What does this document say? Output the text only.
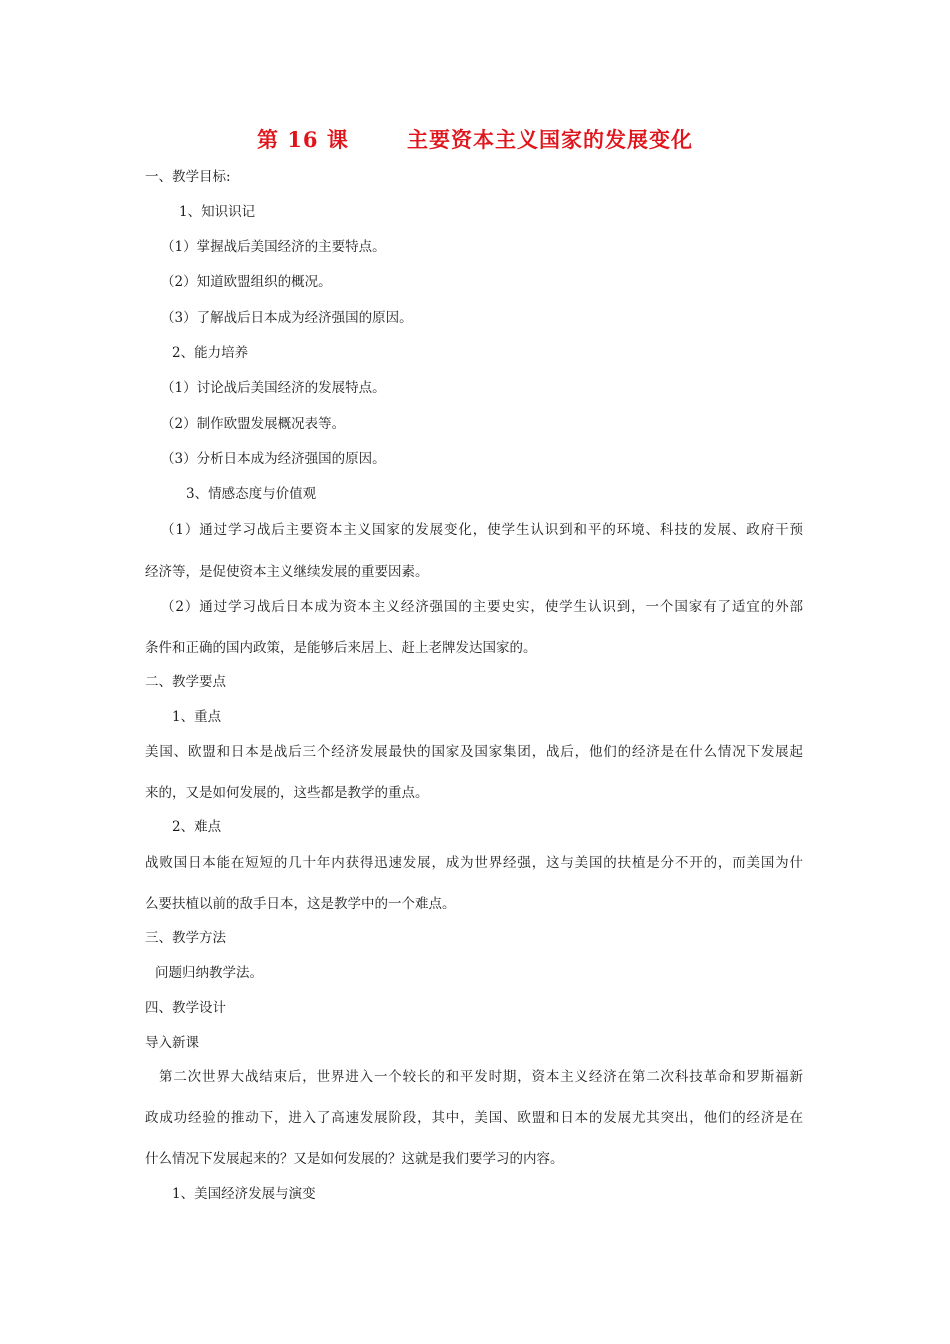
第 16 课       主要资本主义国家的发展变化
一、教学目标:
1、知识识记
（1）掌握战后美国经济的主要特点。
（2）知道欧盟组织的概况。
（3）了解战后日本成为经济强国的原因。
2、能力培养
（1）讨论战后美国经济的发展特点。
（2）制作欧盟发展概况表等。
（3）分析日本成为经济强国的原因。
3、情感态度与价值观
（1）通过学习战后主要资本主义国家的发展变化，使学生认识到和平的环境、科技的发展、政府干预
经济等，是促使资本主义继续发展的重要因素。
（2）通过学习战后日本成为资本主义经济强国的主要史实，使学生认识到，一个国家有了适宜的外部
条件和正确的国内政策，是能够后来居上、赶上老牌发达国家的。
二、教学要点
1、重点
美国、欧盟和日本是战后三个经济发展最快的国家及国家集团，战后，他们的经济是在什么情况下发展起
来的，又是如何发展的，这些都是教学的重点。
2、难点
战败国日本能在短短的几十年内获得迅速发展，成为世界经强，这与美国的扶植是分不开的，而美国为什
么要扶植以前的敌手日本，这是教学中的一个难点。
三、教学方法
问题归纳教学法。
四、教学设计
导入新课
第二次世界大战结束后，世界进入一个较长的和平发时期，资本主义经济在第二次科技革命和罗斯福新
政成功经验的推动下，进入了高速发展阶段，其中，美国、欧盟和日本的发展尤其突出，他们的经济是在
什么情况下发展起来的？又是如何发展的？这就是我们要学习的内容。
1、美国经济发展与演变
